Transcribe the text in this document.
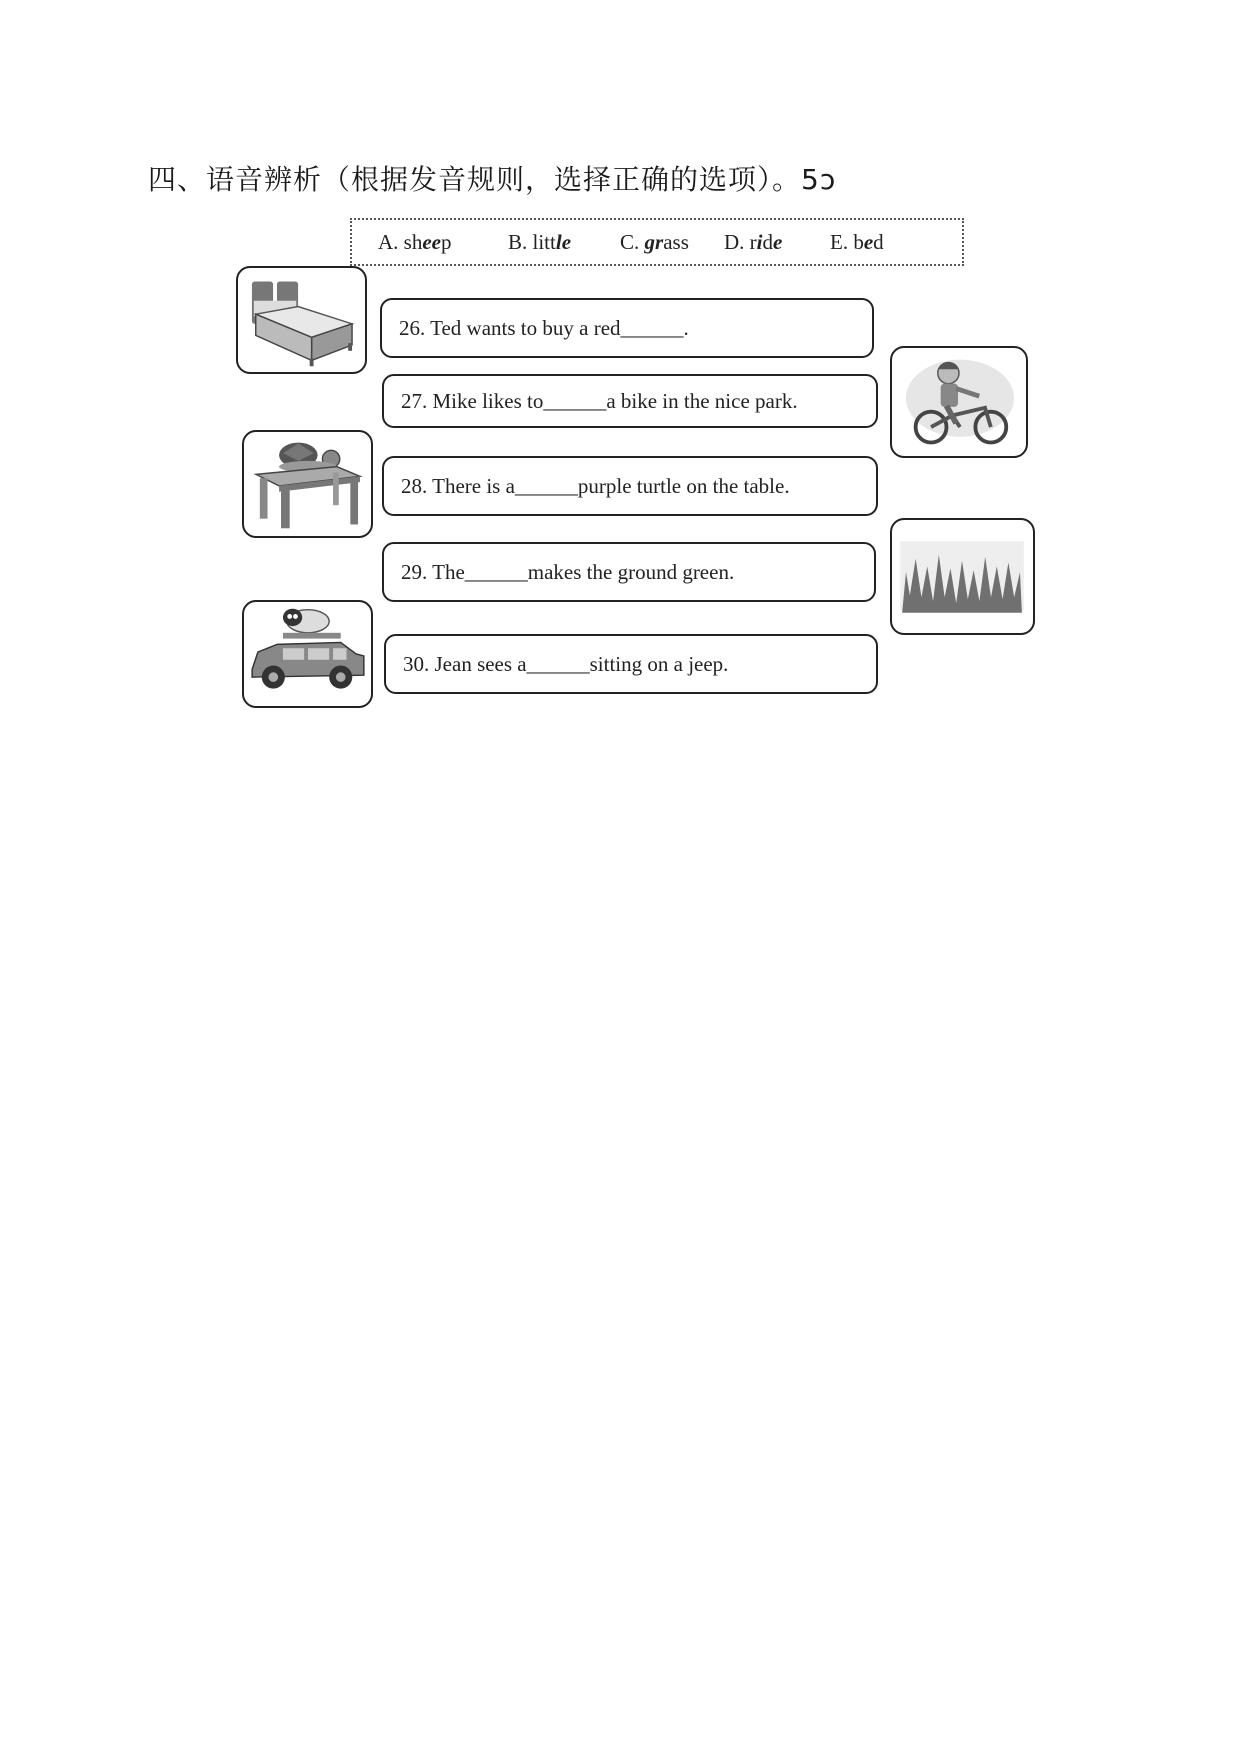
四、语音辨析（根据发音规则，选择正确的选项）。5ɔ
A. sheep	B. little C. grass D. ride E. bed
26. Ted wants to buy a red______.
27. Mike likes to______a bike in the nice park.
28. There is a______purple turtle on the table.
29. The______makes the ground green.
30. Jean sees a______sitting on a jeep.
